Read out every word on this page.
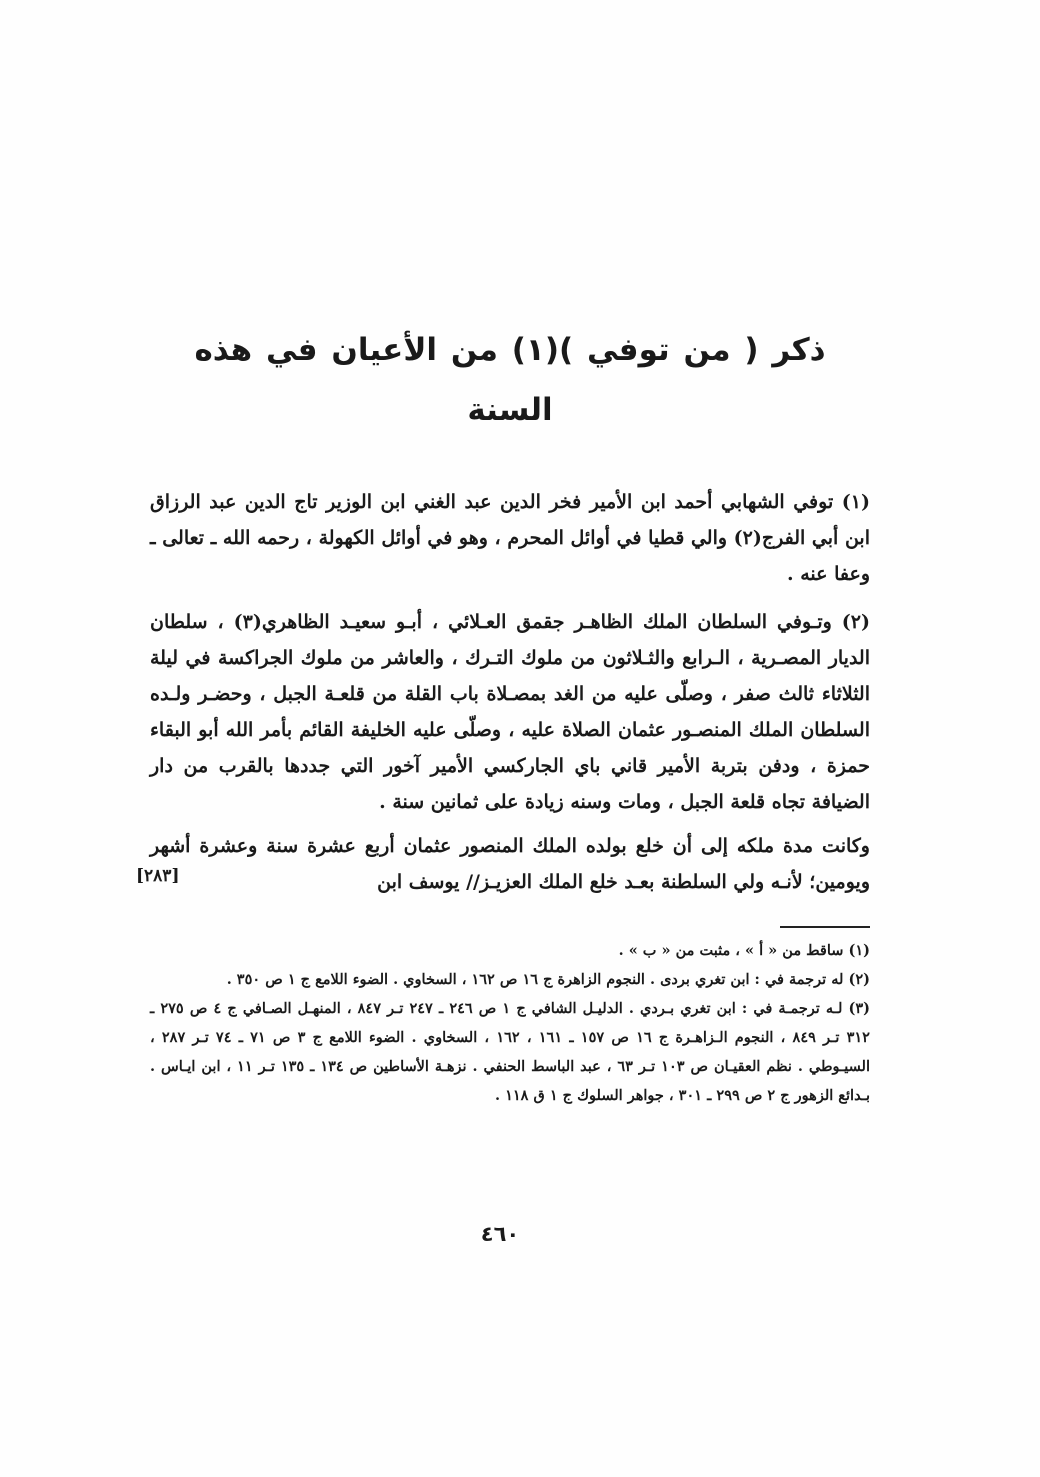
ذكر ( من توفي )(١) من الأعيان في هذه السنة

(١) توفي الشهابي أحمد ابن الأمير فخر الدين عبد الغني ابن الوزير تاج الدين عبد الرزاق ابن أبي الفرج(٢) والي قطيا في أوائل المحرم ، وهو في أوائل الكهولة ، رحمه الله ـ تعالى ـ وعفا عنه .

(٢) وتـوفي السلطان الملك الظاهـر جقمق العـلائي ، أبـو سعيـد الظاهري(٣) ، سلطان الديار المصـرية ، الـرابع والثـلاثون من ملوك التـرك ، والعاشر من ملوك الجراكسة في ليلة الثلاثاء ثالث صفر ، وصلّى عليه من الغد بمصـلاة باب القلة من قلعـة الجبل ، وحضـر ولـده السلطان الملك المنصـور عثمان الصلاة عليه ، وصلّى عليه الخليفة القائم بأمر الله أبو البقاء حمزة ، ودفن بتربة الأمير قاني باي الجاركسي الأمير آخور التي جددها بالقرب من دار الضيافة تجاه قلعة الجبل ، ومات وسنه زيادة على ثمانين سنة .

وكانت مدة ملكه إلى أن خلع بولده الملك المنصور عثمان أربع عشرة سنة وعشرة أشهر ويومين؛ لأنـه ولي السلطنة بعـد خلع الملك العزيـز// يوسف ابن

[٢٨٣]

(١) ساقط من « أ » ، مثبت من « ب » .

(٢) له ترجمة في : ابن تغري بردى . النجوم الزاهرة ج ١٦ ص ١٦٢ ، السخاوي . الضوء اللامع ج ١ ص ٣٥٠ .

(٣) لـه ترجمـة في : ابن تغري بـردي . الدليـل الشافي ج ١ ص ٢٤٦ ـ ٢٤٧ تـر ٨٤٧ ، المنهـل الصـافي ج ٤ ص ٢٧٥ ـ ٣١٢ تـر ٨٤٩ ، النجوم الـزاهـرة ج ١٦ ص ١٥٧ ـ ١٦١ ، ١٦٢ ، السخاوي . الضوء اللامع ج ٣ ص ٧١ ـ ٧٤ تـر ٢٨٧ ، السيـوطي . نظم العقيـان ص ١٠٣ تـر ٦٣ ، عبد الباسط الحنفي . نزهـة الأساطين ص ١٣٤ ـ ١٣٥ تـر ١١ ، ابن ايـاس . بـدائع الزهور ج ٢ ص ٢٩٩ ـ ٣٠١ ، جواهر السلوك ج ١ ق ١١٨ .

٤٦٠
